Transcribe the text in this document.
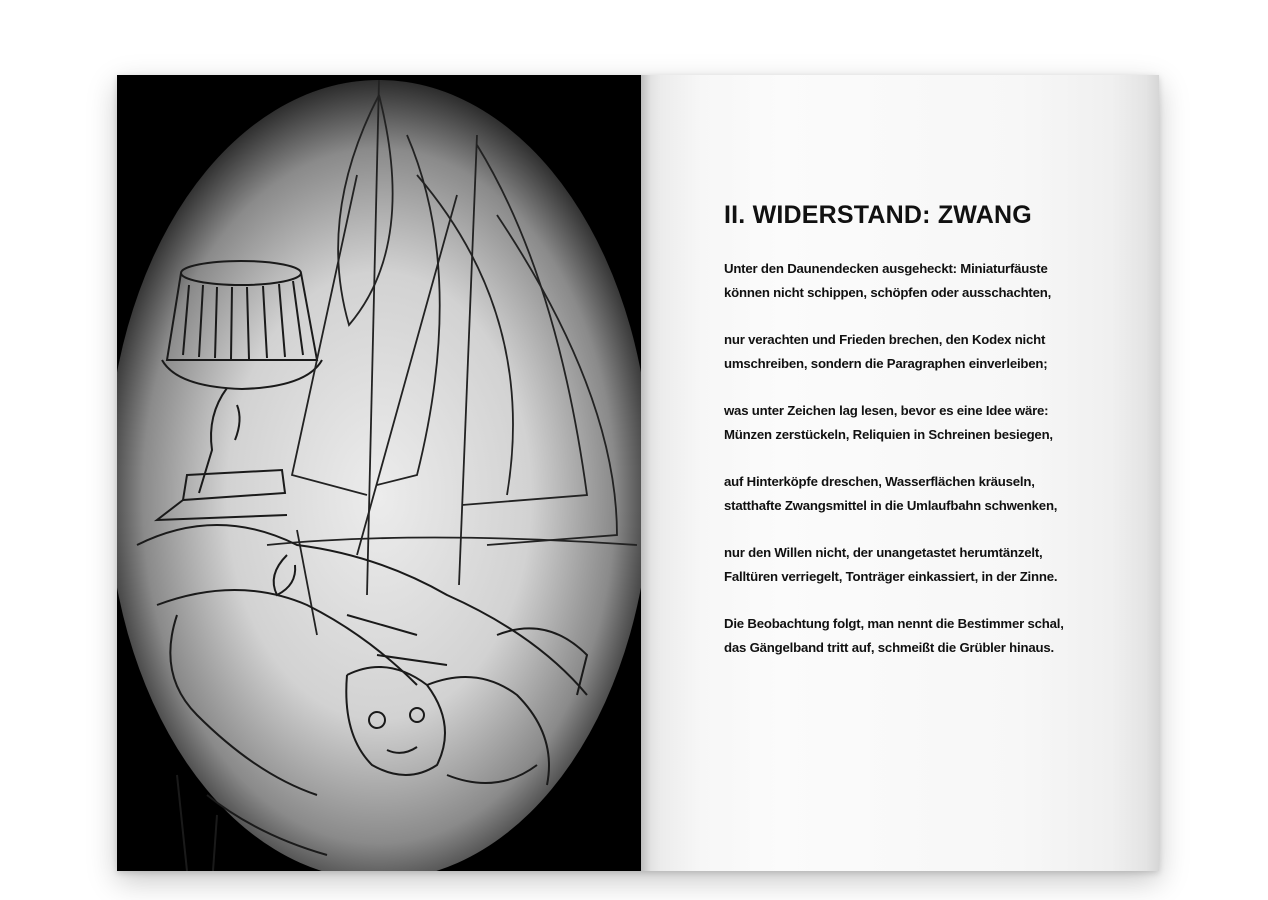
II. WIDERSTAND: ZWANG

Unter den Daunendecken ausgeheckt: Miniaturfäuste
können nicht schippen, schöpfen oder ausschachten,

nur verachten und Frieden brechen, den Kodex nicht
umschreiben, sondern die Paragraphen einverleiben;

was unter Zeichen lag lesen, bevor es eine Idee wäre:
Münzen zerstückeln, Reliquien in Schreinen besiegen,

auf Hinterköpfe dreschen, Wasserflächen kräuseln,
statthafte Zwangsmittel in die Umlaufbahn schwenken,

nur den Willen nicht, der unangetastet herumtänzelt,
Falltüren verriegelt, Tonträger einkassiert, in der Zinne.

Die Beobachtung folgt, man nennt die Bestimmer schal,
das Gängelband tritt auf, schmeißt die Grübler hinaus.
